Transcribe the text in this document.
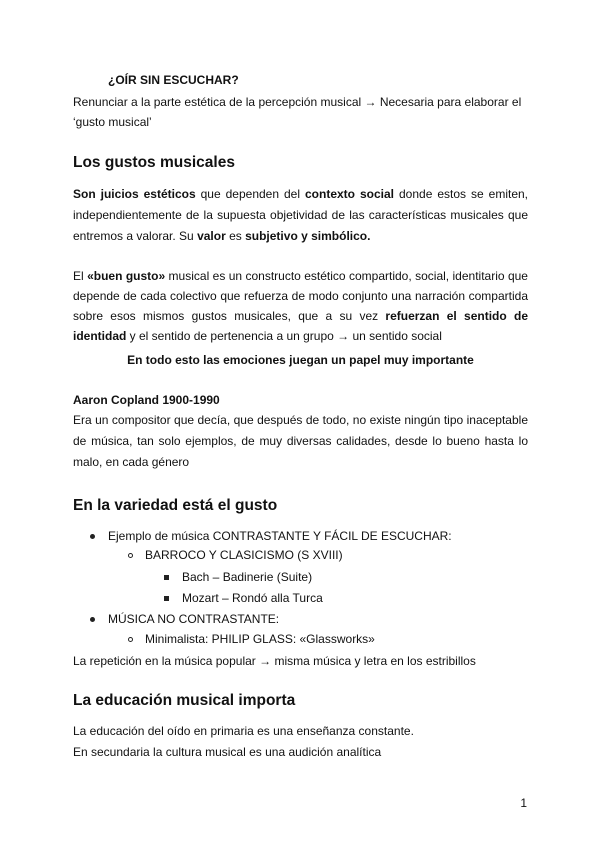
¿OÍR SIN ESCUCHAR?
Renunciar a la parte estética de la percepción musical → Necesaria para elaborar el ‘gusto musical’
Los gustos musicales
Son juicios estéticos que dependen del contexto social donde estos se emiten, independientemente de la supuesta objetividad de las características musicales que entremos a valorar. Su valor es subjetivo y simbólico.
El «buen gusto» musical es un constructo estético compartido, social, identitario que depende de cada colectivo que refuerza de modo conjunto una narración compartida sobre esos mismos gustos musicales, que a su vez refuerzan el sentido de identidad y el sentido de pertenencia a un grupo → un sentido social
En todo esto las emociones juegan un papel muy importante
Aaron Copland 1900-1990
Era un compositor que decía, que después de todo, no existe ningún tipo inaceptable de música, tan solo ejemplos, de muy diversas calidades, desde lo bueno hasta lo malo, en cada género
En la variedad está el gusto
Ejemplo de música CONTRASTANTE Y FÁCIL DE ESCUCHAR:
BARROCO Y CLASICISMO (S XVIII)
Bach – Badinerie (Suite)
Mozart – Rondó alla Turca
MÚSICA NO CONTRASTANTE:
Minimalista: PHILIP GLASS: «Glassworks»
La repetición en la música popular → misma música y letra en los estribillos
La educación musical importa
La educación del oído en primaria es una enseñanza constante.
En secundaria la cultura musical es una audición analítica
1
